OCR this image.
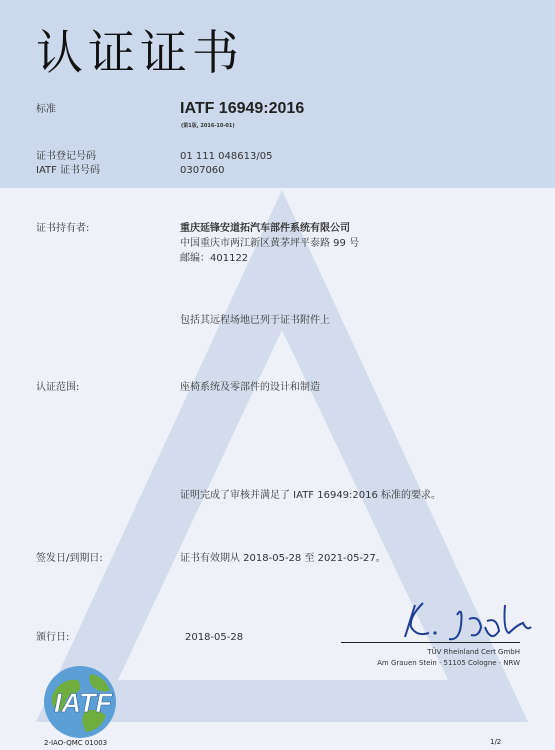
认证证书
标准	IATF 16949:2016
(第1版, 2016-10-01)
证书登记号码	01 111 048613/05
IATF 证书号码	0307060
证书持有者:	重庆延锋安道拓汽车部件系统有限公司
中国重庆市两江新区黄茅坪平泰路 99 号
邮编：401122
包括其远程场地已列于证书附件上
认证范围:	座椅系统及零部件的设计和制造
证明完成了审核并满足了 IATF 16949:2016 标准的要求。
签发日/到期日:	证书有效期从 2018-05-28 至 2021-05-27。
颁行日:	2018-05-28
TÜV Rheinland Cert GmbH
Am Grauen Stein · 51105 Cologne · NRW
IATF
2-IAO-QMC 01003	1/2
